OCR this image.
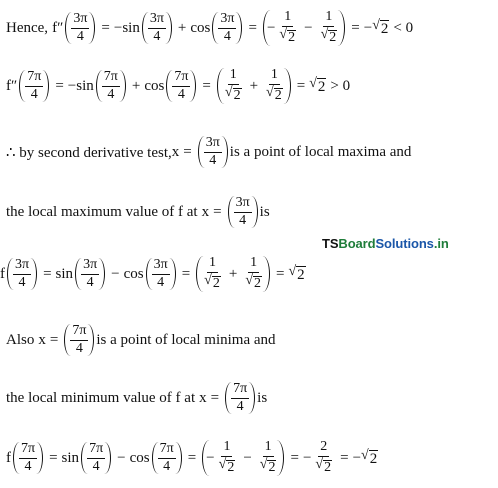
Hence, f ″ $\frac{3\pi}{4}$ = − $\sin \frac{3\pi}{4} + \cos \frac{3\pi}{4}$ = − $\frac{1}{√ 2} - \frac{1}{√ 2}$ = − √ 2 < 0
f ″ $\frac{7\pi}{4}$ = − $\sin \frac{7\pi}{4} + \cos \frac{7\pi}{4} = \frac{1}{√ 2} + \frac{1}{√ 2}$ = √ 2 > 0
∴ by second derivative test, $x = \frac{3\pi}{4}$ is a point of local maxima and
the local maximum value of f at $x = \frac{3\pi}{4}$ is
TSBoardSolutions.in
f $\frac{3\pi}{4} = \sin \frac{3\pi}{4} - \cos \frac{3\pi}{4} = \frac{1}{√ 2} + \frac{1}{√ 2}$ = √ 2
Also $x = \frac{7\pi}{4}$ is a point of local minima and
the local minimum value of f at $x = \frac{7\pi}{4}$ is
f $\frac{7\pi}{4} = \sin \frac{7\pi}{4} - \cos \frac{7\pi}{4}$ = − $\frac{1}{√ 2} - \frac{1}{√ 2}$ = − $\frac{2}{√ 2}$ = − √ 2
